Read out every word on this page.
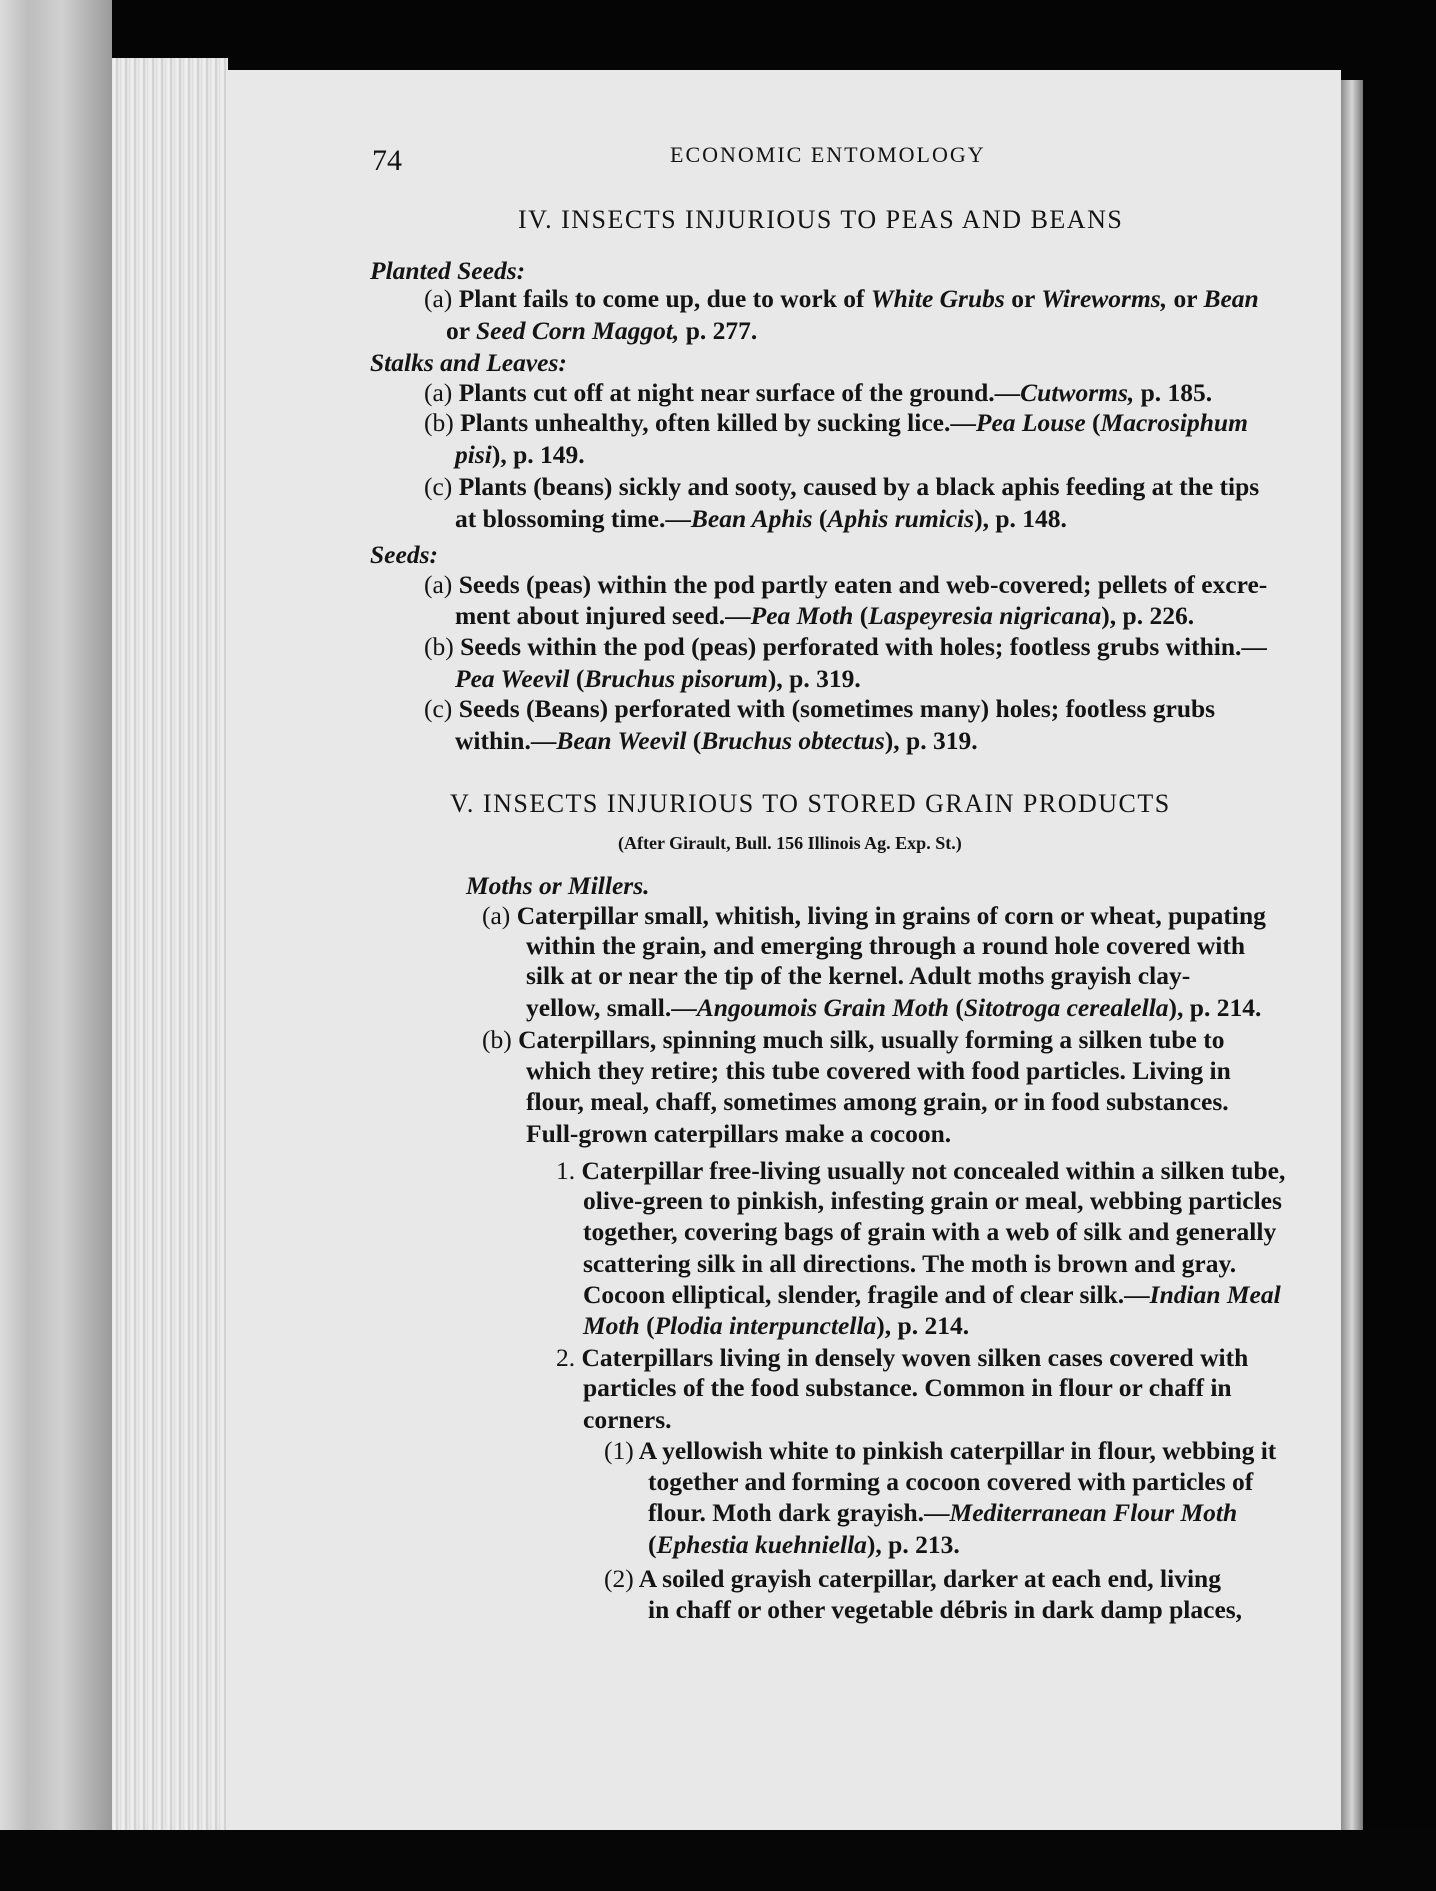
74	ECONOMIC ENTOMOLOGY
IV. INSECTS INJURIOUS TO PEAS AND BEANS
Planted Seeds:
(a) Plant fails to come up, due to work of White Grubs or Wireworms, or Bean
or Seed Corn Maggot, p. 277.
Stalks and Leaves:
(a) Plants cut off at night near surface of the ground.—Cutworms, p. 185.
(b) Plants unhealthy, often killed by sucking lice.—Pea Louse (Macrosiphum
pisi), p. 149.
(c) Plants (beans) sickly and sooty, caused by a black aphis feeding at the tips
at blossoming time.—Bean Aphis (Aphis rumicis), p. 148.
Seeds:
(a) Seeds (peas) within the pod partly eaten and web-covered; pellets of excre-
ment about injured seed.—Pea Moth (Laspeyresia nigricana), p. 226.
(b) Seeds within the pod (peas) perforated with holes; footless grubs within.—
Pea Weevil (Bruchus pisorum), p. 319.
(c) Seeds (Beans) perforated with (sometimes many) holes; footless grubs
within.—Bean Weevil (Bruchus obtectus), p. 319.
V. INSECTS INJURIOUS TO STORED GRAIN PRODUCTS
(After Girault, Bull. 156 Illinois Ag. Exp. St.)
Moths or Millers.
(a) Caterpillar small, whitish, living in grains of corn or wheat, pupating
within the grain, and emerging through a round hole covered with
silk at or near the tip of the kernel. Adult moths grayish clay-
yellow, small.—Angoumois Grain Moth (Sitotroga cerealella), p. 214.
(b) Caterpillars, spinning much silk, usually forming a silken tube to
which they retire; this tube covered with food particles. Living in
flour, meal, chaff, sometimes among grain, or in food substances.
Full-grown caterpillars make a cocoon.
1. Caterpillar free-living usually not concealed within a silken tube,
olive-green to pinkish, infesting grain or meal, webbing particles
together, covering bags of grain with a web of silk and generally
scattering silk in all directions. The moth is brown and gray.
Cocoon elliptical, slender, fragile and of clear silk.—Indian Meal
Moth (Plodia interpunctella), p. 214.
2. Caterpillars living in densely woven silken cases covered with
particles of the food substance. Common in flour or chaff in
corners.
(1) A yellowish white to pinkish caterpillar in flour, webbing it
together and forming a cocoon covered with particles of
flour. Moth dark grayish.—Mediterranean Flour Moth
(Ephestia kuehniella), p. 213.
(2) A soiled grayish caterpillar, darker at each end, living
in chaff or other vegetable débris in dark damp places,
